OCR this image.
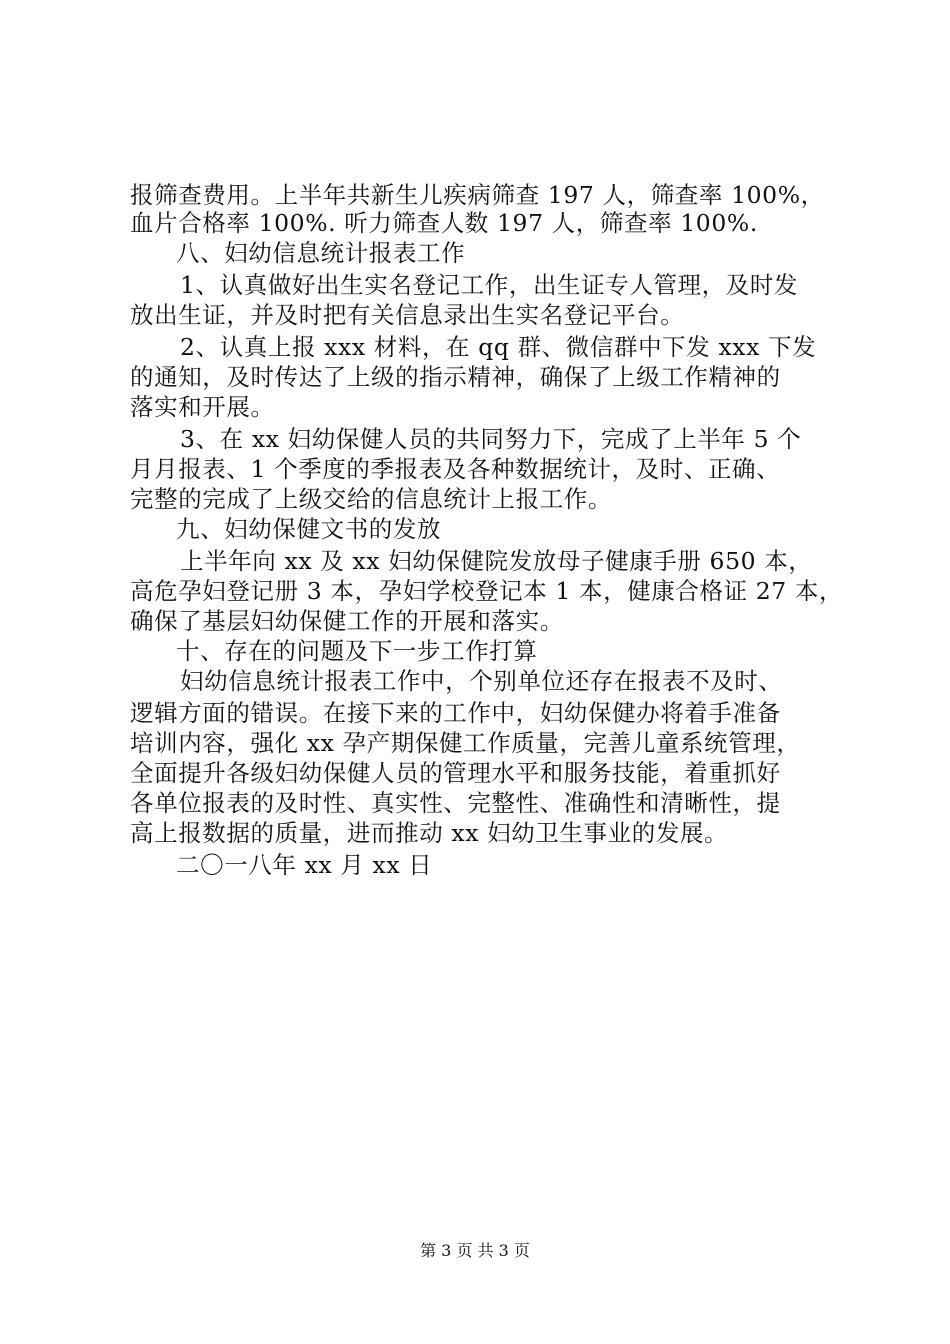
报筛查费用。上半年共新生儿疾病筛查 197 人，筛查率 100%，
血片合格率 100%. 听力筛查人数 197 人，筛查率 100%.
八、妇幼信息统计报表工作
1、认真做好出生实名登记工作，出生证专人管理，及时发
放出生证，并及时把有关信息录出生实名登记平台。
2、认真上报 xxx 材料，在 qq 群、微信群中下发 xxx 下发
的通知，及时传达了上级的指示精神，确保了上级工作精神的
落实和开展。
3、在 xx 妇幼保健人员的共同努力下，完成了上半年 5 个
月月报表、1 个季度的季报表及各种数据统计，及时、正确、
完整的完成了上级交给的信息统计上报工作。
九、妇幼保健文书的发放
上半年向 xx 及 xx 妇幼保健院发放母子健康手册 650 本，
高危孕妇登记册 3 本，孕妇学校登记本 1 本，健康合格证 27 本，
确保了基层妇幼保健工作的开展和落实。
十、存在的问题及下一步工作打算
妇幼信息统计报表工作中，个别单位还存在报表不及时、
逻辑方面的错误。在接下来的工作中，妇幼保健办将着手准备
培训内容，强化 xx 孕产期保健工作质量，完善儿童系统管理，
全面提升各级妇幼保健人员的管理水平和服务技能，着重抓好
各单位报表的及时性、真实性、完整性、准确性和清晰性，提
高上报数据的质量，进而推动 xx 妇幼卫生事业的发展。
二〇一八年 xx 月 xx 日
第 3 页 共 3 页
